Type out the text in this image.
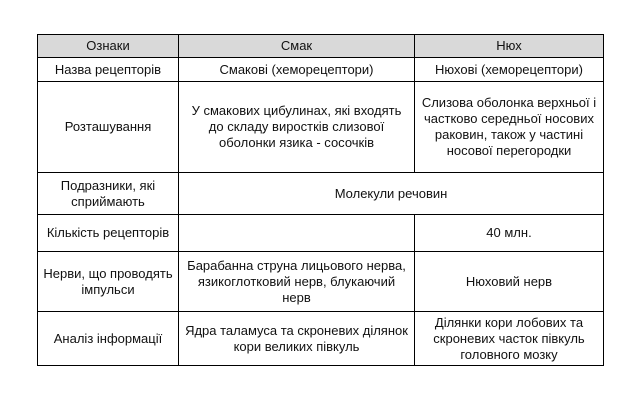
Ознаки	Смак	Нюх
Назва рецепторів	Смакові (хеморецептори)	Нюхові (хеморецептори)
Розташування	У смакових цибулинах, які входять до складу виростків слизової оболонки язика - сосочків	Слизова оболонка верхньої і частково середньої носових раковин, також у частині носової перегородки
Подразники, які сприймають	Молекули речовин	
Кількість рецепторів		40 млн.
Нерви, що проводять імпульси	Барабанна струна лицьового нерва, язикоглотковий нерв, блукаючий нерв	Нюховий нерв
Аналіз інформації	Ядра таламуса та скроневих ділянок кори великих півкуль	Ділянки кори лобових та скроневих часток півкуль головного мозку
